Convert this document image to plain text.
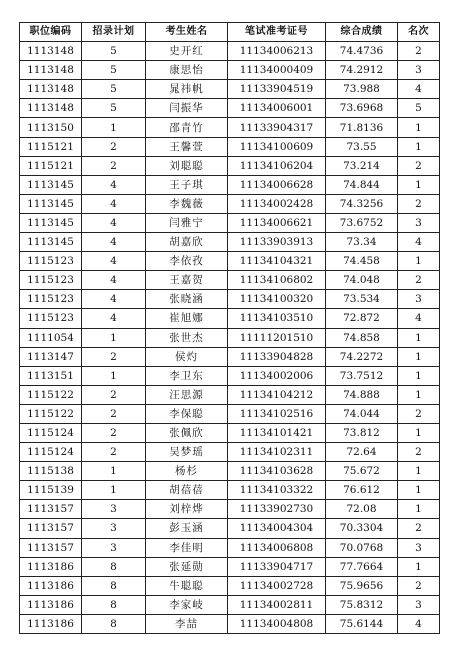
职位编码	招录计划	考生姓名	笔试准考证号	综合成绩	名次
1113148	5	史开红	11134006213	74.4736	2
1113148	5	康思怡	11134000409	74.2912	3
1113148	5	晁祎帆	11133904519	73.988	4
1113148	5	闫振华	11134006001	73.6968	5
1113150	1	邵青竹	11133904317	71.8136	1
1115121	2	王馨萱	11134100609	73.55	1
1115121	2	刘聪聪	11134106204	73.214	2
1113145	4	王子琪	11134006628	74.844	1
1113145	4	李魏薇	11134002428	74.3256	2
1113145	4	闫雅宁	11134006621	73.6752	3
1113145	4	胡嘉欣	11133903913	73.34	4
1115123	4	李依孜	11134104321	74.458	1
1115123	4	王嘉贺	11134106802	74.048	2
1115123	4	张晓涵	11134100320	73.534	3
1115123	4	崔旭娜	11134103510	72.872	4
1111054	1	张世杰	11111201510	74.858	1
1113147	2	侯灼	11133904828	74.2272	1
1113151	1	李卫东	11134002006	73.7512	1
1115122	2	汪思源	11134104212	74.888	1
1115122	2	李保聪	11134102516	74.044	2
1115124	2	张佩欣	11134101421	73.812	1
1115124	2	吴梦瑶	11134102311	72.64	2
1115138	1	杨杉	11134103628	75.672	1
1115139	1	胡蓓蓓	11134103322	76.612	1
1113157	3	刘梓烨	11133902730	72.08	1
1113157	3	彭玉涵	11134004304	70.3304	2
1113157	3	李佳明	11134006808	70.0768	3
1113186	8	张延勋	11133904717	77.7664	1
1113186	8	牛聪聪	11134002728	75.9656	2
1113186	8	李家岐	11134002811	75.8312	3
1113186	8	李喆	11134004808	75.6144	4
